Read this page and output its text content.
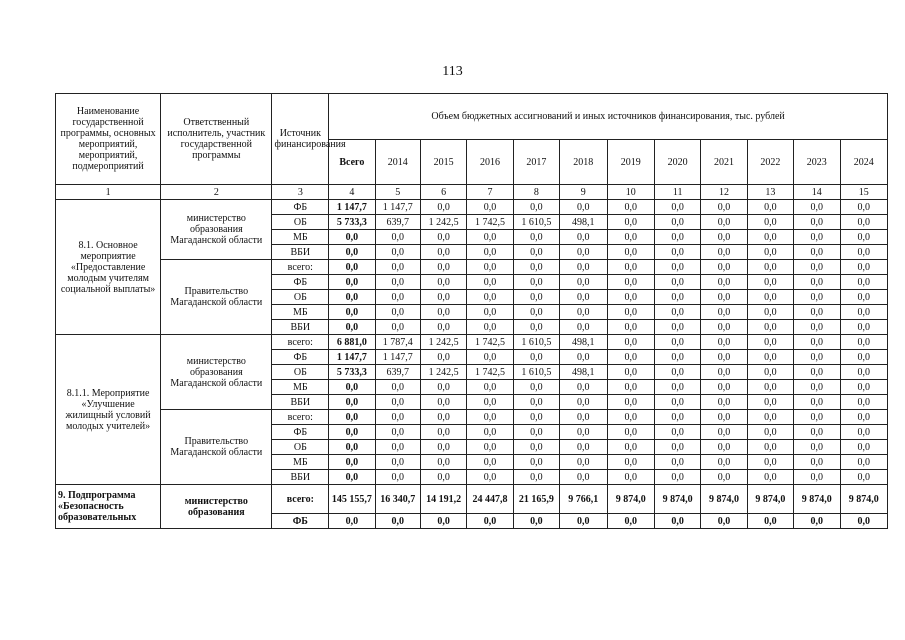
113
Наименование государственной программы, основных мероприятий, мероприятий, подмероприятий	Ответственный исполнитель, участник государственной программы	Источник финансирования	Объем бюджетных ассигнований и иных источников финансирования, тыс. рублей											
			Всего	2014	2015	2016	2017	2018	2019	2020	2021	2022	2023	2024
1	2	3	4	5	6	7	8	9	10	11	12	13	14	15
8.1. Основное мероприятие «Предоставление молодым учителям социальной выплаты»	министерство образования Магаданской области	ФБ	1 147,7	1 147,7	0,0	0,0	0,0	0,0	0,0	0,0	0,0	0,0	0,0	0,0
		ОБ	5 733,3	639,7	1 242,5	1 742,5	1 610,5	498,1	0,0	0,0	0,0	0,0	0,0	0,0
		МБ	0,0	0,0	0,0	0,0	0,0	0,0	0,0	0,0	0,0	0,0	0,0	0,0
		ВБИ	0,0	0,0	0,0	0,0	0,0	0,0	0,0	0,0	0,0	0,0	0,0	0,0
	Правительство Магаданской области	всего:	0,0	0,0	0,0	0,0	0,0	0,0	0,0	0,0	0,0	0,0	0,0	0,0
		ФБ	0,0	0,0	0,0	0,0	0,0	0,0	0,0	0,0	0,0	0,0	0,0	0,0
		ОБ	0,0	0,0	0,0	0,0	0,0	0,0	0,0	0,0	0,0	0,0	0,0	0,0
		МБ	0,0	0,0	0,0	0,0	0,0	0,0	0,0	0,0	0,0	0,0	0,0	0,0
		ВБИ	0,0	0,0	0,0	0,0	0,0	0,0	0,0	0,0	0,0	0,0	0,0	0,0
8.1.1. Мероприятие «Улучшение жилищный условий молодых учителей»	министерство образования Магаданской области	всего:	6 881,0	1 787,4	1 242,5	1 742,5	1 610,5	498,1	0,0	0,0	0,0	0,0	0,0	0,0
		ФБ	1 147,7	1 147,7	0,0	0,0	0,0	0,0	0,0	0,0	0,0	0,0	0,0	0,0
		ОБ	5 733,3	639,7	1 242,5	1 742,5	1 610,5	498,1	0,0	0,0	0,0	0,0	0,0	0,0
		МБ	0,0	0,0	0,0	0,0	0,0	0,0	0,0	0,0	0,0	0,0	0,0	0,0
		ВБИ	0,0	0,0	0,0	0,0	0,0	0,0	0,0	0,0	0,0	0,0	0,0	0,0
	Правительство Магаданской области	всего:	0,0	0,0	0,0	0,0	0,0	0,0	0,0	0,0	0,0	0,0	0,0	0,0
		ФБ	0,0	0,0	0,0	0,0	0,0	0,0	0,0	0,0	0,0	0,0	0,0	0,0
		ОБ	0,0	0,0	0,0	0,0	0,0	0,0	0,0	0,0	0,0	0,0	0,0	0,0
		МБ	0,0	0,0	0,0	0,0	0,0	0,0	0,0	0,0	0,0	0,0	0,0	0,0
		ВБИ	0,0	0,0	0,0	0,0	0,0	0,0	0,0	0,0	0,0	0,0	0,0	0,0
9. Подпрограмма «Безопасность образовательных	министерство образования	всего:	145 155,7	16 340,7	14 191,2	24 447,8	21 165,9	9 766,1	9 874,0	9 874,0	9 874,0	9 874,0	9 874,0	9 874,0
		ФБ	0,0	0,0	0,0	0,0	0,0	0,0	0,0	0,0	0,0	0,0	0,0	0,0
